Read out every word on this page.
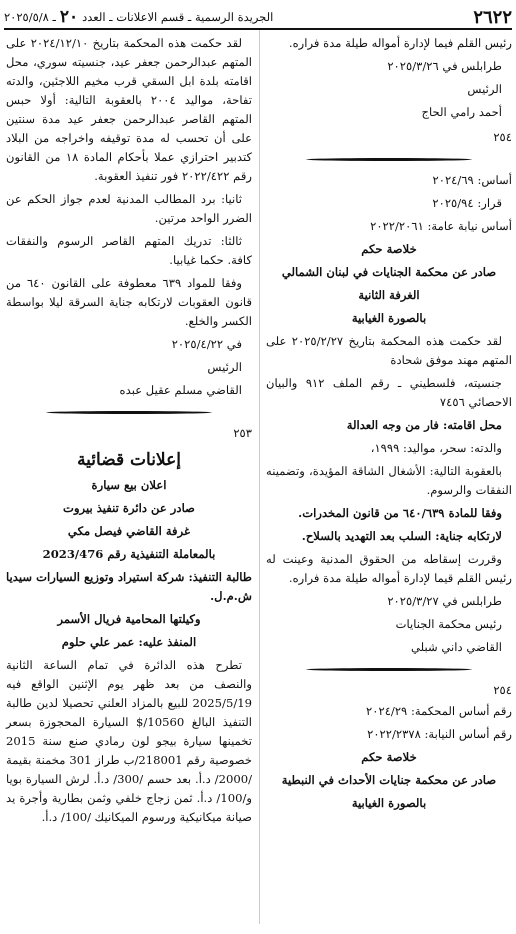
٢٦٢٢
الجريدة الرسمية ـ قسم الاعلانات ـ العدد
٢٠
ـ ٢٠٢٥/٥/٨

رئيس القلم فيما لإدارة أمواله طيلة مدة فراره.

طرابلس في ٢٠٢٥/٣/٢٦

الرئيس

أحمد رامي الحاج

٢٥٤

أساس: ٢٠٢٤/٦٩

قرار: ٢٠٢٥/٩٤

أساس نيابة عامة: ٢٠٢٢/٢٠٦١

خلاصة حكم

صادر عن محكمة الجنايات في لبنان الشمالي

الغرفة الثانية

بالصورة الغيابية

لقد حكمت هذه المحكمة بتاريخ ٢٠٢٥/٢/٢٧ على المتهم مهند موفق شحادة

جنسيته، فلسطيني ـ رقم الملف ٩١٢ والبيان الاحصائي ٧٤٥٦

محل اقامته: فار من وجه العدالة

والدته: سحر، مواليد: ١٩٩٩،

بالعقوبة التالية: الأشغال الشاقة المؤيدة، وتضمينه النفقات والرسوم.

وفقا للمادة ٦٤٠/٦٣٩ من قانون المخدرات.

لارتكابه جناية: السلب بعد التهديد بالسلاح.

وقررت إسقاطه من الحقوق المدنية وعينت له رئيس القلم قيما لإدارة أمواله طيلة مدة فراره.

طرابلس في ٢٠٢٥/٣/٢٧

رئيس محكمة الجنايات

القاضي داني شبلي

٢٥٤

رقم أساس المحكمة: ٢٠٢٤/٢٩

رقم أساس النيابة: ٢٠٢٢/٢٣٧٨

خلاصة حكم

صادر عن محكمة جنايات الأحداث في النبطية

بالصورة الغيابية

لقد حكمت هذه المحكمة بتاريخ ٢٠٢٤/١٢/١٠ على المتهم عبدالرحمن جعفر عيد، جنسيته سوري، محل اقامته بلدة ابل السقي قرب مخيم اللاجئين، والدته تفاحة، مواليد ٢٠٠٤ بالعقوبة التالية: أولا حبس المتهم القاصر عبدالرحمن جعفر عيد مدة سنتين على أن تحسب له مدة توقيفه واخراجه من البلاد كتدبير احترازي عملا بأحكام المادة ١٨ من القانون رقم ٢٠٢٢/٤٢٢ فور تنفيذ العقوبة.

ثانيا: برد المطالب المدنية لعدم جواز الحكم عن الضرر الواحد مرتين.

ثالثا: تدريك المتهم القاصر الرسوم والنفقات كافة. حكما غيابيا.

وفقا للمواد ٦٣٩ معطوفة على القانون ٦٤٠ من قانون العقوبات لارتكابه جناية السرقة ليلا بواسطة الكسر والخلع.

في ٢٠٢٥/٤/٢٢

الرئيس

القاضي مسلم عقيل عبده

٢٥٣

إعلانات قضائية

اعلان بيع سيارة

صادر عن دائرة تنفيذ بيروت

غرفة القاضي فيصل مكي

بالمعاملة التنفيذية رقم 2023/476

طالبة التنفيذ: شركة استيراد وتوزيع السيارات سيديا ش.م.ل.

وكيلتها المحامية فريال الأسمر

المنفذ عليه: عمر علي حلوم

تطرح هذه الدائرة في تمام الساعة الثانية والنصف من بعد ظهر يوم الإثنين الواقع فيه 2025/5/19 للبيع بالمزاد العلني تحصيلا لدين طالبة التنفيذ البالغ 10560/$ السيارة المحجوزة بسعر تخمينها سيارة بيجو لون رمادي صنع سنة 2015 خصوصية رقم 218001/ب طراز 301 مخمنة بقيمة /2000/ د.أ. بعد حسم /300/ د.أ. لرش السيارة بويا و/100/ د.أ. ثمن زجاج خلفي وثمن بطارية وأجرة يد صيانة ميكانيكية ورسوم الميكانيك /100/ د.أ.
